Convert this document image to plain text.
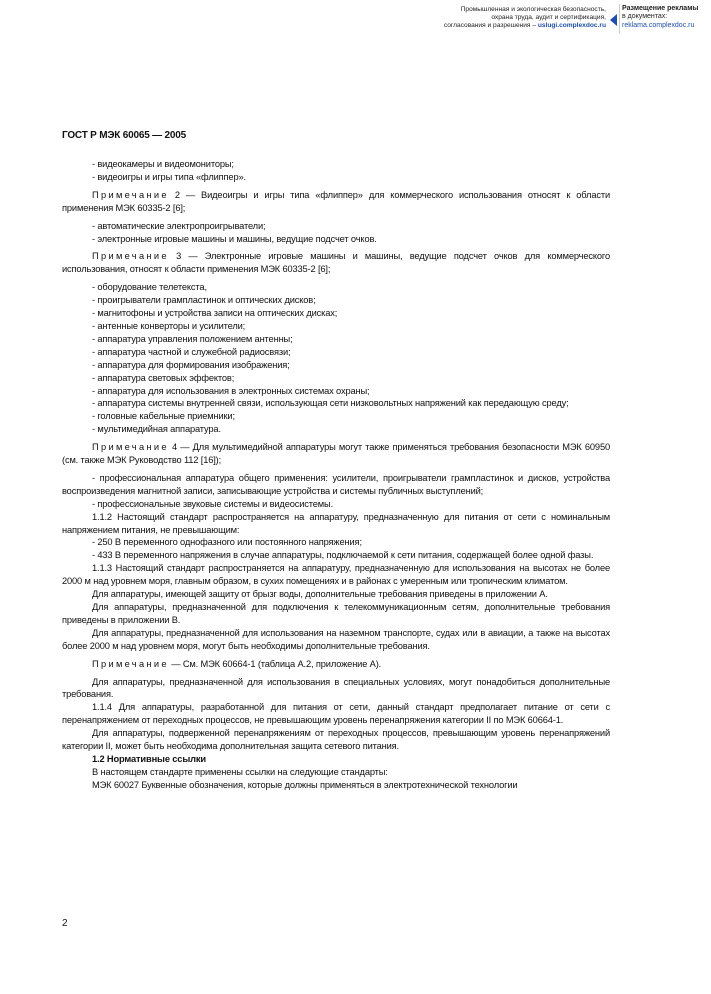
Промышленная и экологическая безопасность,
охрана труда, аудит и сертификация,
согласования и разрешения – uslugi.complexdoc.ru
Размещение рекламы
в документах:
reklama.complexdoc.ru
ГОСТ Р МЭК 60065 — 2005

- видеокамеры и видеомониторы;

- видеоигры и игры типа «флиппер».

Примечание 2 — Видеоигры и игры типа «флиппер» для коммерческого использования относят к области применения МЭК 60335-2 [6];

- автоматические электропроигрыватели;

- электронные игровые машины и машины, ведущие подсчет очков.

Примечание 3 — Электронные игровые машины и машины, ведущие подсчет очков для коммерческого использования, относят к области применения МЭК 60335-2 [6];

- оборудование телетекста,

- проигрыватели грампластинок и оптических дисков;

- магнитофоны и устройства записи на оптических дисках;

- антенные конверторы и усилители;

- аппаратура управления положением антенны;

- аппаратура частной и служебной радиосвязи;

- аппаратура для формирования изображения;

- аппаратура световых эффектов;

- аппаратура для использования в электронных системах охраны;

- аппаратура системы внутренней связи, использующая сети низковольтных напряжений как передающую среду;

- головные кабельные приемники;

- мультимедийная аппаратура.

Примечание 4 — Для мультимедийной аппаратуры могут также применяться требования безопасности МЭК 60950 (см. также МЭК Руководство 112 [16]);

- профессиональная аппаратура общего применения: усилители, проигрыватели грампластинок и дисков, устройства воспроизведения магнитной записи, записывающие устройства и системы публичных выступлений;

- профессиональные звуковые системы и видеосистемы.

1.1.2 Настоящий стандарт распространяется на аппаратуру, предназначенную для питания от сети с номинальным напряжением питания, не превышающим:

- 250 В переменного однофазного или постоянного напряжения;

- 433 В переменного напряжения в случае аппаратуры, подключаемой к сети питания, содержащей более одной фазы.

1.1.3 Настоящий стандарт распространяется на аппаратуру, предназначенную для использования на высотах не более 2000 м над уровнем моря, главным образом, в сухих помещениях и в районах с умеренным или тропическим климатом.

Для аппаратуры, имеющей защиту от брызг воды, дополнительные требования приведены в приложении А.

Для аппаратуры, предназначенной для подключения к телекоммуникационным сетям, дополнительные требования приведены в приложении В.

Для аппаратуры, предназначенной для использования на наземном транспорте, судах или в авиации, а также на высотах более 2000 м над уровнем моря, могут быть необходимы дополнительные требования.

Примечание — См. МЭК 60664-1 (таблица А.2, приложение А).

Для аппаратуры, предназначенной для использования в специальных условиях, могут понадобиться дополнительные требования.

1.1.4 Для аппаратуры, разработанной для питания от сети, данный стандарт предполагает питание от сети с перенапряжением от переходных процессов, не превышающим уровень перенапряжения категории II по МЭК 60664-1.

Для аппаратуры, подверженной перенапряжениям от переходных процессов, превышающим уровень перенапряжений категории II, может быть необходима дополнительная защита сетевого питания.

1.2 Нормативные ссылки

В настоящем стандарте применены ссылки на следующие стандарты:

МЭК 60027 Буквенные обозначения, которые должны применяться в электротехнической технологии

2
